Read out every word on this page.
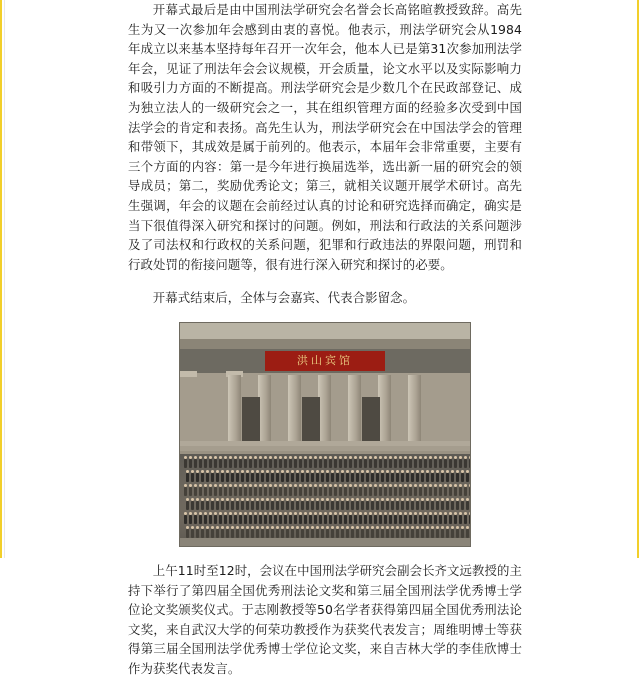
开幕式最后是由中国刑法学研究会名誉会长高铭暄教授致辞。高先生为又一次参加年会感到由衷的喜悦。他表示，刑法学研究会从1984年成立以来基本坚持每年召开一次年会，他本人已是第31次参加刑法学年会，见证了刑法年会会议规模，开会质量，论文水平以及实际影响力和吸引力方面的不断提高。刑法学研究会是少数几个在民政部登记、成为独立法人的一级研究会之一，其在组织管理方面的经验多次受到中国法学会的肯定和表扬。高先生认为，刑法学研究会在中国法学会的管理和带领下，其成效是属于前列的。他表示，本届年会非常重要，主要有三个方面的内容：第一是今年进行换届选举，选出新一届的研究会的领导成员；第二，奖励优秀论文；第三，就相关议题开展学术研讨。高先生强调，年会的议题在会前经过认真的讨论和研究选择而确定，确实是当下很值得深入研究和探讨的问题。例如，刑法和行政法的关系问题涉及了司法权和行政权的关系问题，犯罪和行政违法的界限问题，刑罚和行政处罚的衔接问题等，很有进行深入研究和探讨的必要。

开幕式结束后，全体与会嘉宾、代表合影留念。

洪山宾馆

上午11时至12时，会议在中国刑法学研究会副会长齐文远教授的主持下举行了第四届全国优秀刑法论文奖和第三届全国刑法学优秀博士学位论文奖颁奖仪式。于志刚教授等50名学者获得第四届全国优秀刑法论文奖，来自武汉大学的何荣功教授作为获奖代表发言；周维明博士等获得第三届全国刑法学优秀博士学位论文奖，来自吉林大学的李佳欣博士作为获奖代表发言。
